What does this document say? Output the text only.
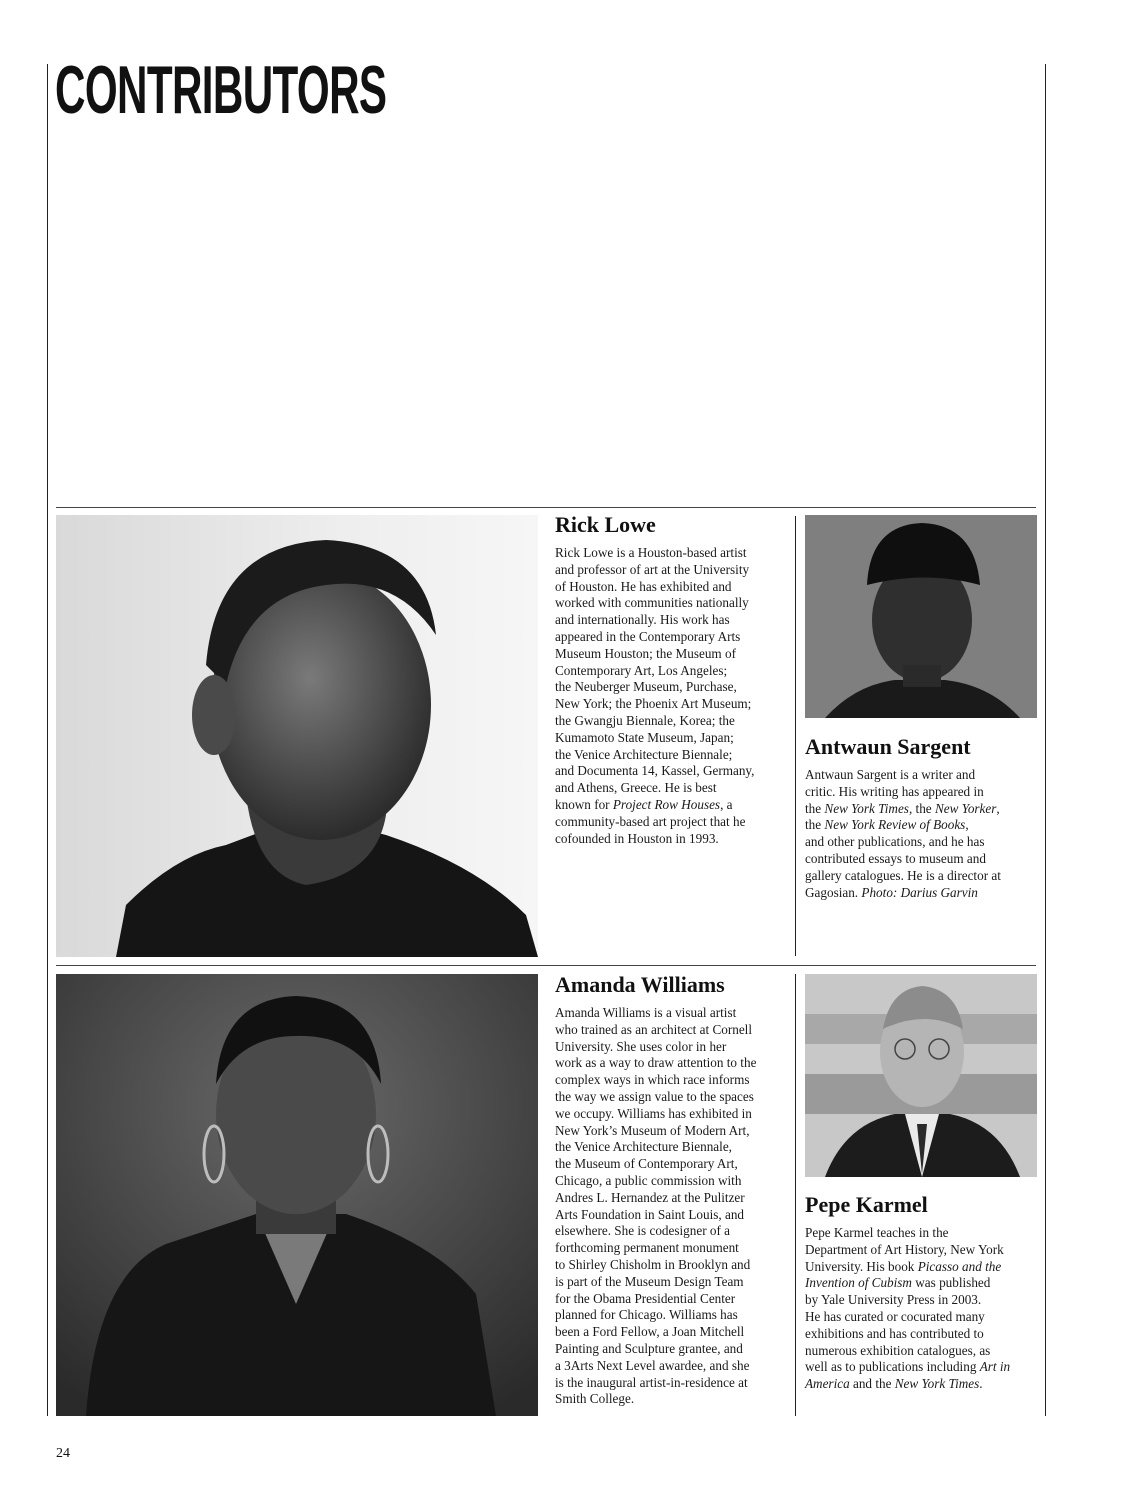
CONTRIBUTORS
Rick Lowe
Rick Lowe is a Houston-based artist
and professor of art at the University
of Houston. He has exhibited and
worked with communities nationally
and internationally. His work has
appeared in the Contemporary Arts
Museum Houston; the Museum of
Contemporary Art, Los Angeles;
the Neuberger Museum, Purchase,
New York; the Phoenix Art Museum;
the Gwangju Biennale, Korea; the
Kumamoto State Museum, Japan;
the Venice Architecture Biennale;
and Documenta 14, Kassel, Germany,
and Athens, Greece. He is best
known for Project Row Houses, a
community-based art project that he
cofounded in Houston in 1993.
Antwaun Sargent
Antwaun Sargent is a writer and
critic. His writing has appeared in
the New York Times, the New Yorker,
the New York Review of Books,
and other publications, and he has
contributed essays to museum and
gallery catalogues. He is a director at
Gagosian. Photo: Darius Garvin
Amanda Williams
Amanda Williams is a visual artist
who trained as an architect at Cornell
University. She uses color in her
work as a way to draw attention to the
complex ways in which race informs
the way we assign value to the spaces
we occupy. Williams has exhibited in
New York’s Museum of Modern Art,
the Venice Architecture Biennale,
the Museum of Contemporary Art,
Chicago, a public commission with
Andres L. Hernandez at the Pulitzer
Arts Foundation in Saint Louis, and
elsewhere. She is codesigner of a
forthcoming permanent monument
to Shirley Chisholm in Brooklyn and
is part of the Museum Design Team
for the Obama Presidential Center
planned for Chicago. Williams has
been a Ford Fellow, a Joan Mitchell
Painting and Sculpture grantee, and
a 3Arts Next Level awardee, and she
is the inaugural artist-in-residence at
Smith College.
Pepe Karmel
Pepe Karmel teaches in the
Department of Art History, New York
University. His book Picasso and the
Invention of Cubism was published
by Yale University Press in 2003.
He has curated or cocurated many
exhibitions and has contributed to
numerous exhibition catalogues, as
well as to publications including Art in
America and the New York Times.
24
